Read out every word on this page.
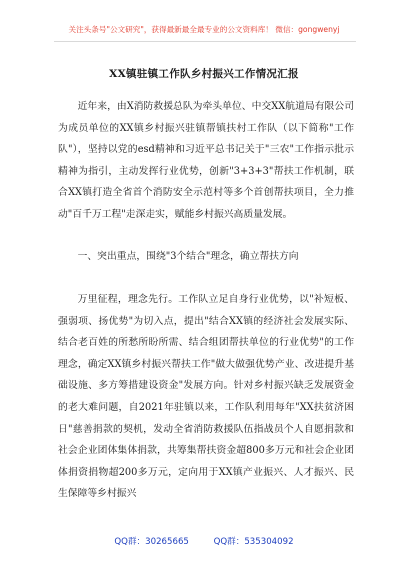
关注头条号"公文研究"，获得最新最全最专业的公文资料库！ 微信：gongwenyj
XX镇驻镇工作队乡村振兴工作情况汇报
近年来，由X消防救援总队为牵头单位、中交XX航道局有限公司为成员单位的XX镇乡村振兴驻镇帮镇扶村工作队（以下简称"工作队"），坚持以党的esd精神和习近平总书记关于"三农"工作指示批示精神为指引，主动发挥行业优势，创新"3+3+3"帮扶工作机制，联合XX镇打造全省首个消防安全示范村等多个首创帮扶项目，全力推动"百千万工程"走深走实，赋能乡村振兴高质量发展。
一、突出重点，围绕"3个结合"理念，确立帮扶方向
万里征程，理念先行。工作队立足自身行业优势，以"补短板、强弱项、扬优势"为切入点，提出"结合XX镇的经济社会发展实际、结合老百姓的所愁所盼所需、结合组团帮扶单位的行业优势"的工作理念，确定XX镇乡村振兴帮扶工作"做大做强优势产业、改进提升基础设施、多方筹措建设资金"发展方向。针对乡村振兴缺乏发展资金的老大难问题，自2021年驻镇以来，工作队利用每年"XX扶贫济困日"慈善捐款的契机，发动全省消防救援队伍指战员个人自愿捐款和社会企业团体集体捐款，共筹集帮扶资金超800多万元和社会企业团体捐资捐物超200多万元，定向用于XX镇产业振兴、人才振兴、民生保障等乡村振兴
QQ群：30265665	QQ群：535304092
